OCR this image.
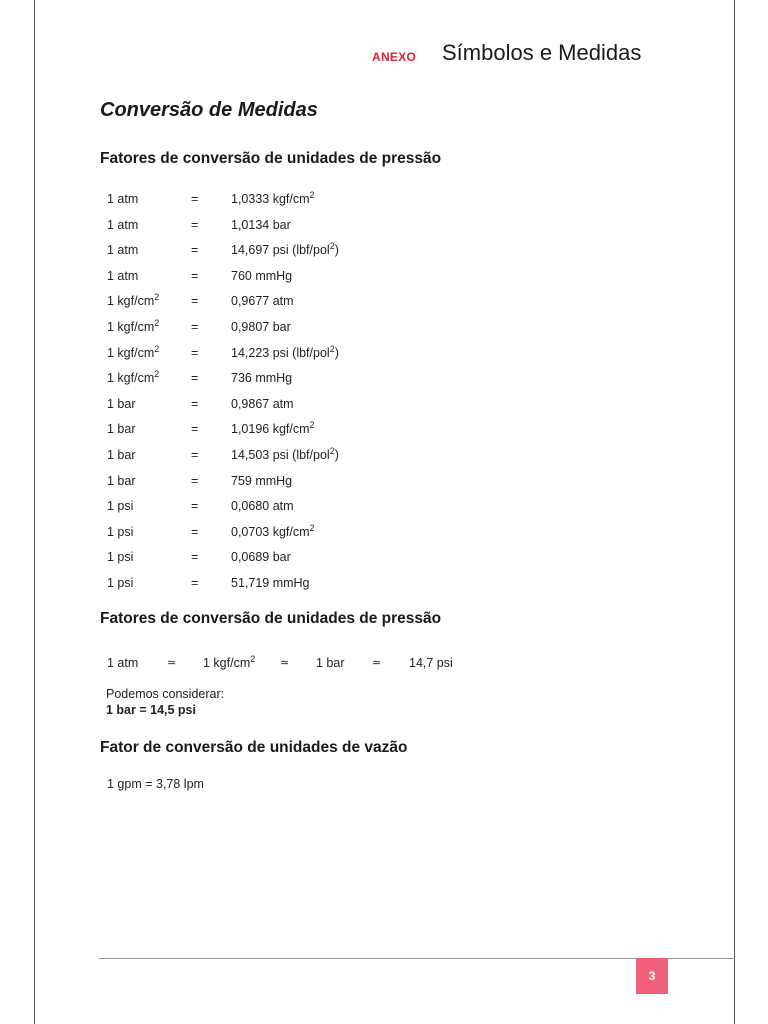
ANEXO Símbolos e Medidas
Conversão de Medidas
Fatores de conversão de unidades de pressão
1 atm	=	1,0333 kgf/$cm^2$
1 atm	=	1,0134 bar
1 atm	=	14,697 psi (lbf/pol$^2$)
1 atm	=	760 mmHg
1 kgf/$cm^2$	=	0,9677 atm
1 kgf/$cm^2$	=	0,9807 bar
1 kgf/$cm^2$	=	14,223 psi (lbf/pol$^2$)
1 kgf/$cm^2$	=	736 mmHg
1 bar	=	0,9867 atm
1 bar	=	1,0196 kgf/$cm^2$
1 bar	=	14,503 psi (lbf/pol$^2$)
1 bar	=	759 mmHg
1 psi	=	0,0680 atm
1 psi	=	0,0703 kgf/$cm^2$
1 psi	=	0,0689 bar
1 psi	=	51,719 mmHg
Fatores de conversão de unidades de pressão
1 atm	≃ 1 kgf/$cm^2$ ≃ 1 bar	≃ 14,7 psi
Podemos considerar:
1 bar = 14,5 psi
Fator de conversão de unidades de vazão
1 gpm = 3,78 lpm
3
